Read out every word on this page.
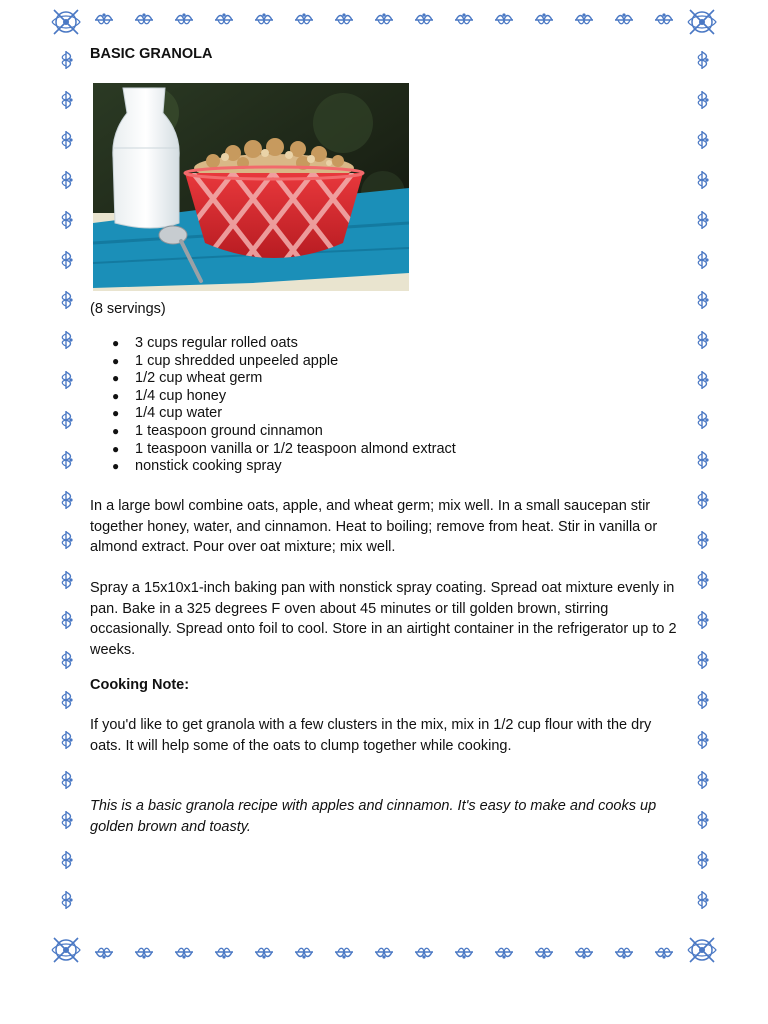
BASIC GRANOLA

(8 servings)

● 3 cups regular rolled oats
● 1 cup shredded unpeeled apple
● 1/2 cup wheat germ
● 1/4 cup honey
● 1/4 cup water
● 1 teaspoon ground cinnamon
● 1 teaspoon vanilla or 1/2 teaspoon almond extract
● nonstick cooking spray

In a large bowl combine oats, apple, and wheat germ; mix well. In a small saucepan stir together honey, water, and cinnamon. Heat to boiling; remove from heat. Stir in vanilla or almond extract. Pour over oat mixture; mix well.

Spray a 15x10x1-inch baking pan with nonstick spray coating. Spread oat mixture evenly in pan. Bake in a 325 degrees F oven about 45 minutes or till golden brown, stirring occasionally. Spread onto foil to cool. Store in an airtight container in the refrigerator up to 2 weeks.

Cooking Note:

If you'd like to get granola with a few clusters in the mix, mix in 1/2 cup flour with the dry oats. It will help some of the oats to clump together while cooking.

This is a basic granola recipe with apples and cinnamon. It's easy to make and cooks up golden brown and toasty.
